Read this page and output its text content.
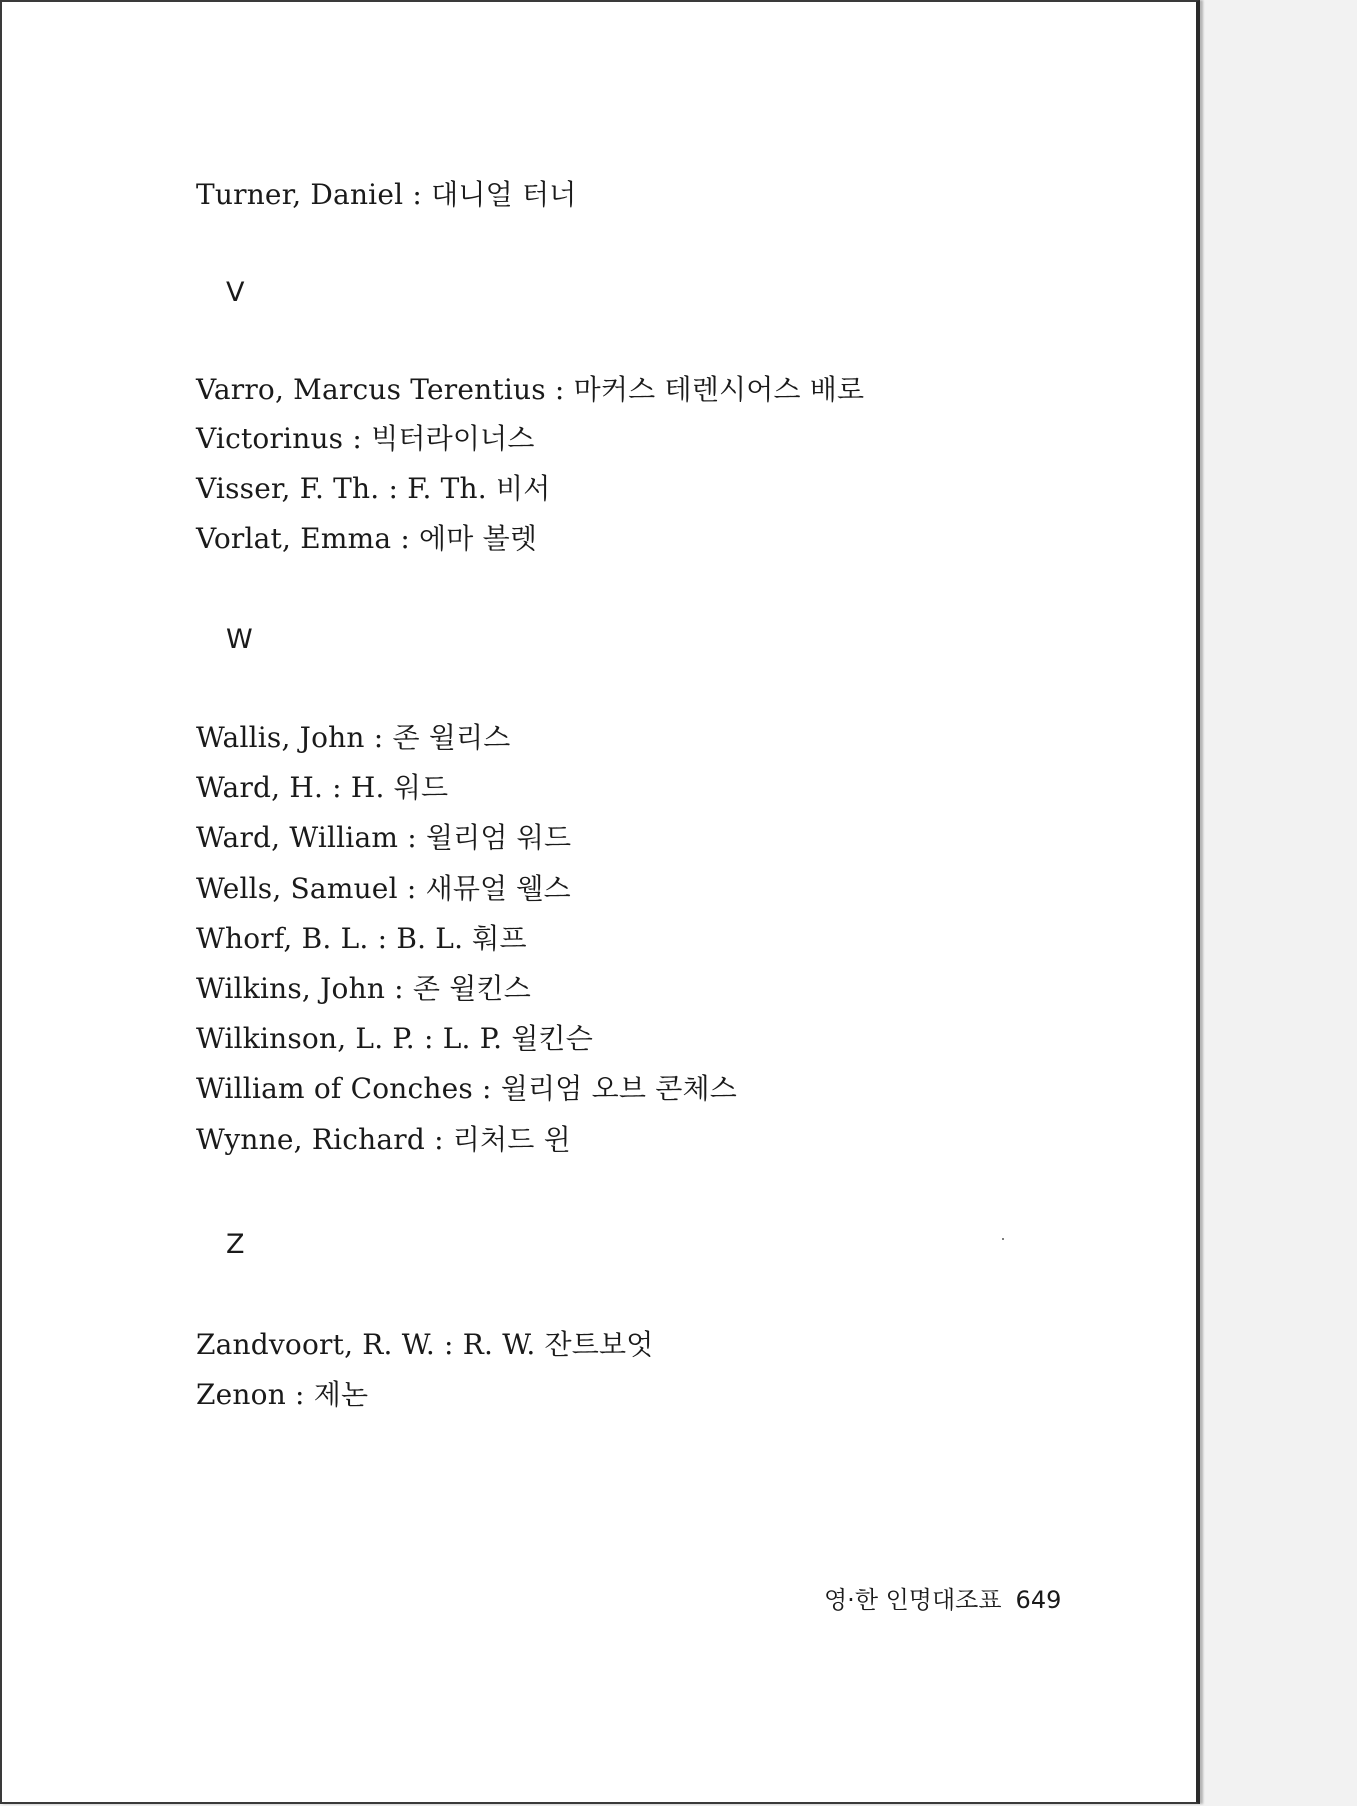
Turner, Daniel : 대니얼 터너
V
Varro, Marcus Terentius : 마커스 테렌시어스 배로
Victorinus : 빅터라이너스
Visser, F. Th. : F. Th. 비서
Vorlat, Emma : 에마 볼렛
W
Wallis, John : 존 윌리스
Ward, H. : H. 워드
Ward, William : 윌리엄 워드
Wells, Samuel : 새뮤얼 웰스
Whorf, B. L. : B. L. 훠프
Wilkins, John : 존 윌킨스
Wilkinson, L. P. : L. P. 윌킨슨
William of Conches : 윌리엄 오브 콘체스
Wynne, Richard : 리처드 윈
Z
Zandvoort, R. W. : R. W. 잔트보엇
Zenon : 제논
영·한 인명대조표 649
